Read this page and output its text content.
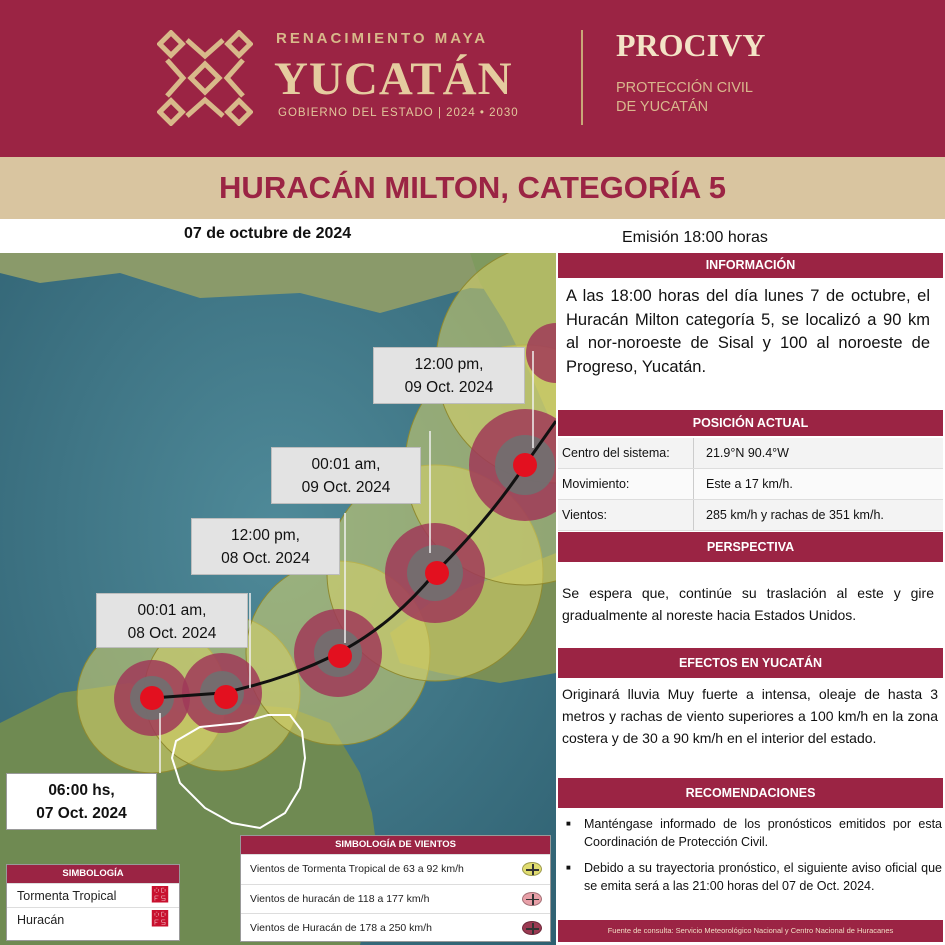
RENACIMIENTO MAYA
YUCATÁN
GOBIERNO DEL ESTADO | 2024 • 2030
PROCIVY
PROTECCIÓN CIVIL
DE YUCATÁN
HURACÁN MILTON, CATEGORÍA 5
07 de octubre de 2024	Emisión 18:00 horas
06:00 hs,
07 Oct. 2024
00:01 am,
08 Oct. 2024
12:00 pm,
08 Oct. 2024
00:01 am,
09 Oct. 2024
12:00 pm,
09 Oct. 2024
SIMBOLOGÍA
Tormenta Tropical ෵
Huracán	෵
SIMBOLOGÍA DE VIENTOS
Vientos de Tormenta Tropical de 63 a 92 km/h
Vientos de huracán de 118 a 177 km/h
Vientos de Huracán de 178 a 250 km/h
INFORMACIÓN
A las 18:00 horas del día lunes 7 de octubre, el Huracán Milton categoría 5, se localizó a 90 km al nor-noroeste de Sisal y 100 al noroeste de Progreso, Yucatán.
POSICIÓN ACTUAL
Centro del sistema:	21.9°N 90.4°W
Movimiento:	Este a 17 km/h.
Vientos:	285 km/h y rachas de 351 km/h.
PERSPECTIVA
Se espera que, continúe su traslación al este y gire gradualmente al noreste hacia Estados Unidos.
EFECTOS EN YUCATÁN
Originará lluvia Muy fuerte a intensa, oleaje de hasta 3 metros y rachas de viento superiores a 100 km/h en la zona costera y de 30 a 90 km/h en el interior del estado.
RECOMENDACIONES
■ Manténgase informado de los pronósticos emitidos por esta Coordinación de Protección Civil.
■ Debido a su trayectoria pronóstico, el siguiente aviso oficial que se emita será a las 21:00 horas del 07 de Oct. 2024.
Fuente de consulta: Servicio Meteorológico Nacional y Centro Nacional de Huracanes
